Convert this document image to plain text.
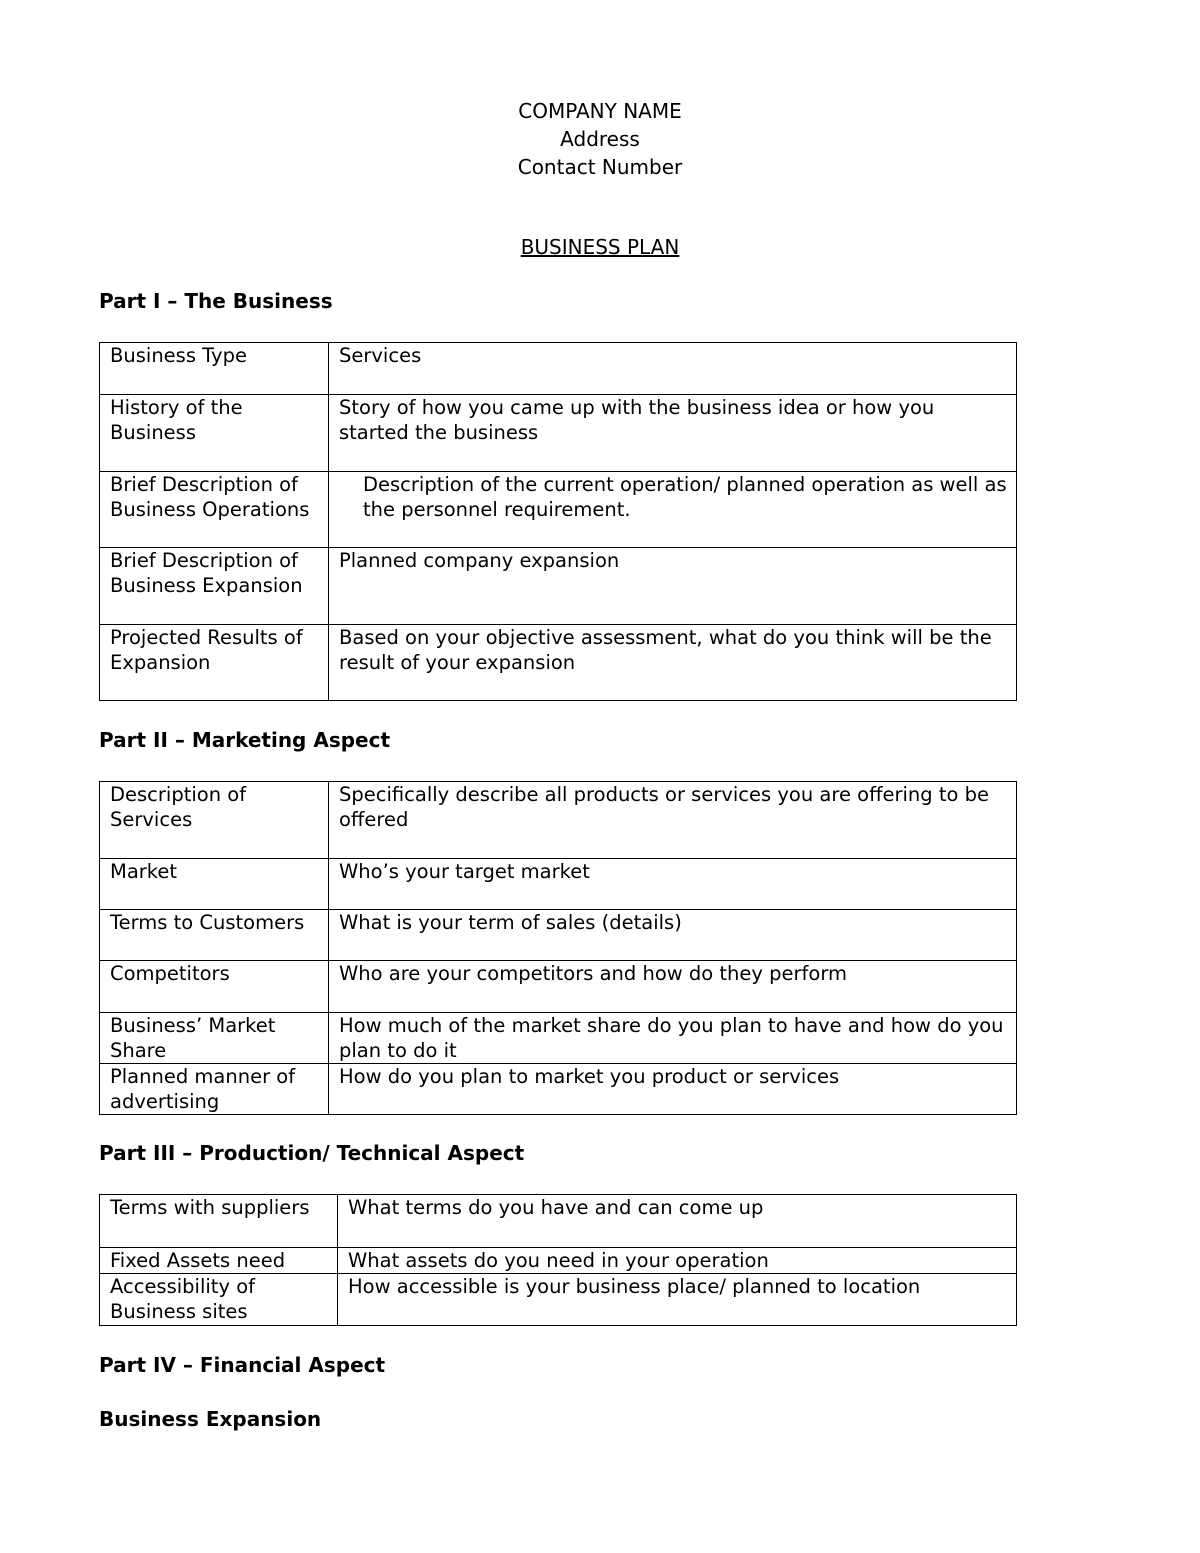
COMPANY NAME
Address
Contact Number
BUSINESS PLAN
Part I – The Business
Business Type	Services
History of the Business	Story of how you came up with the business idea or how you started the business
Brief Description of Business Operations	Description of the current operation/ planned operation as well as the personnel requirement.
Brief Description of Business Expansion	Planned company expansion
Projected Results of Expansion	Based on your objective assessment, what do you think will be the result of your expansion
Part II – Marketing Aspect
Description of Services	Specifically describe all products or services you are offering to be offered
Market	Who’s your target market
Terms to Customers	What is your term of sales (details)
Competitors	Who are your competitors and how do they perform
Business’ Market Share	How much of the market share do you plan to have and how do you plan to do it
Planned manner of advertising	How do you plan to market you product or services
Part III – Production/ Technical Aspect
Terms with suppliers	What terms do you have and can come up
Fixed Assets need	What assets do you need in your operation
Accessibility of Business sites	How accessible is your business place/ planned to location
Part IV – Financial Aspect
Business Expansion
